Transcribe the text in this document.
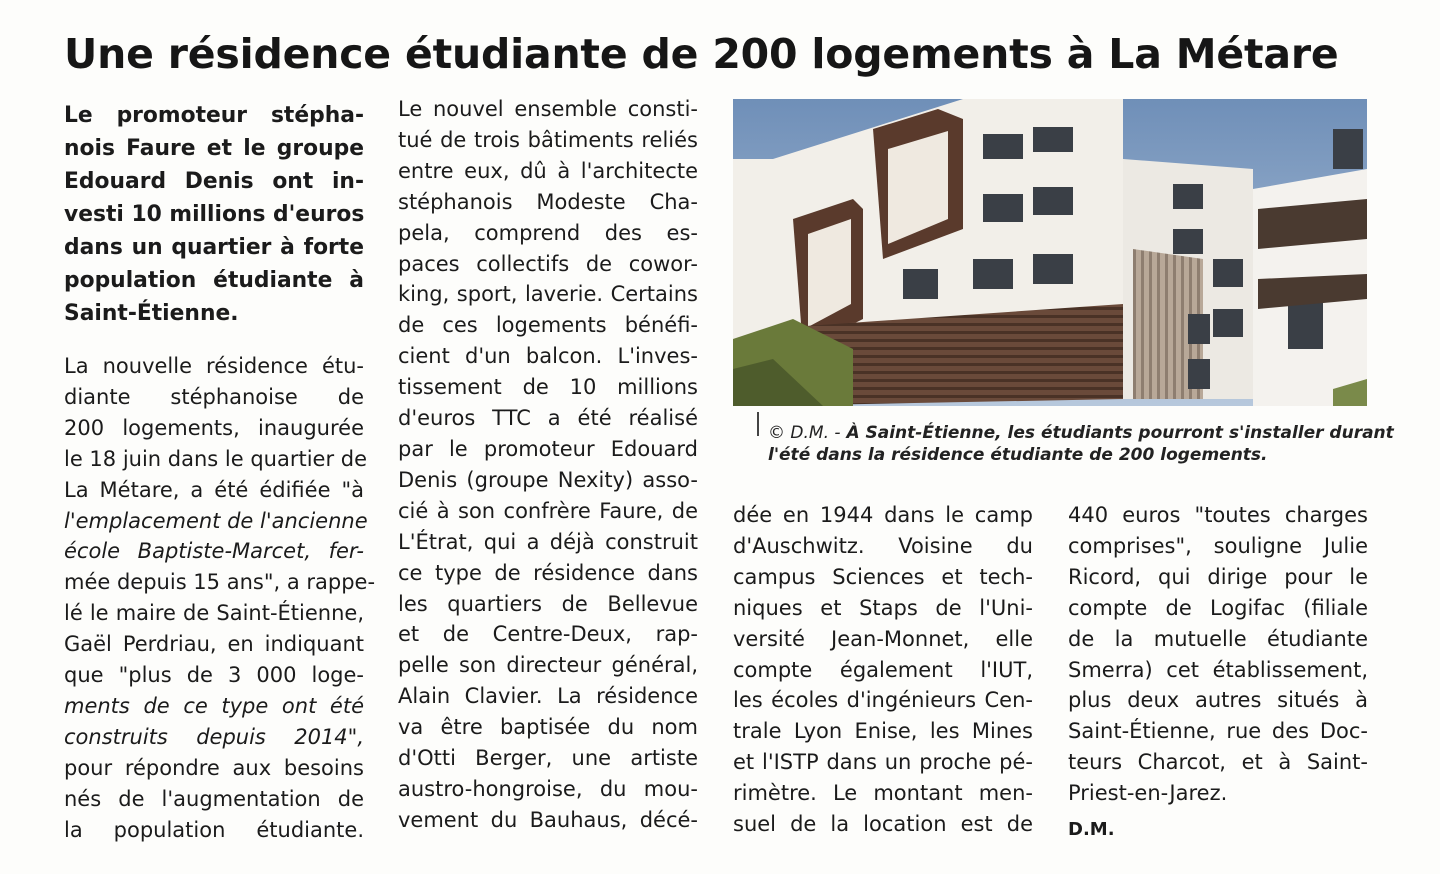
Une résidence étudiante de 200 logements à La Métare
Le promoteur stépha-
nois Faure et le groupe
Edouard Denis ont in-
vesti 10 millions d'euros
dans un quartier à forte
population étudiante à
Saint-Étienne.
La nouvelle résidence étu-
diante stéphanoise de
200 logements, inaugurée
le 18 juin dans le quartier de
La Métare, a été édifiée "à
l'emplacement de l'ancienne
école Baptiste-Marcet, fer-
mée depuis 15 ans", a rappe-
lé le maire de Saint-Étienne,
Gaël Perdriau, en indiquant
que "plus de 3 000 loge-
ments de ce type ont été
construits depuis 2014",
pour répondre aux besoins
nés de l'augmentation de
la population étudiante.
Le nouvel ensemble consti-
tué de trois bâtiments reliés
entre eux, dû à l'architecte
stéphanois Modeste Cha-
pela, comprend des es-
paces collectifs de cowor-
king, sport, laverie. Certains
de ces logements bénéfi-
cient d'un balcon. L'inves-
tissement de 10 millions
d'euros TTC a été réalisé
par le promoteur Edouard
Denis (groupe Nexity) asso-
cié à son confrère Faure, de
L'Étrat, qui a déjà construit
ce type de résidence dans
les quartiers de Bellevue
et de Centre-Deux, rap-
pelle son directeur général,
Alain Clavier. La résidence
va être baptisée du nom
d'Otti Berger, une artiste
austro-hongroise, du mou-
vement du Bauhaus, décé-
© D.M. - À Saint-Étienne, les étudiants pourront s'installer durant
l'été dans la résidence étudiante de 200 logements.
dée en 1944 dans le camp
d'Auschwitz. Voisine du
campus Sciences et tech-
niques et Staps de l'Uni-
versité Jean-Monnet, elle
compte également l'IUT,
les écoles d'ingénieurs Cen-
trale Lyon Enise, les Mines
et l'ISTP dans un proche pé-
rimètre. Le montant men-
suel de la location est de
440 euros "toutes charges
comprises", souligne Julie
Ricord, qui dirige pour le
compte de Logifac (filiale
de la mutuelle étudiante
Smerra) cet établissement,
plus deux autres situés à
Saint-Étienne, rue des Doc-
teurs Charcot, et à Saint-
Priest-en-Jarez.
D.M.
